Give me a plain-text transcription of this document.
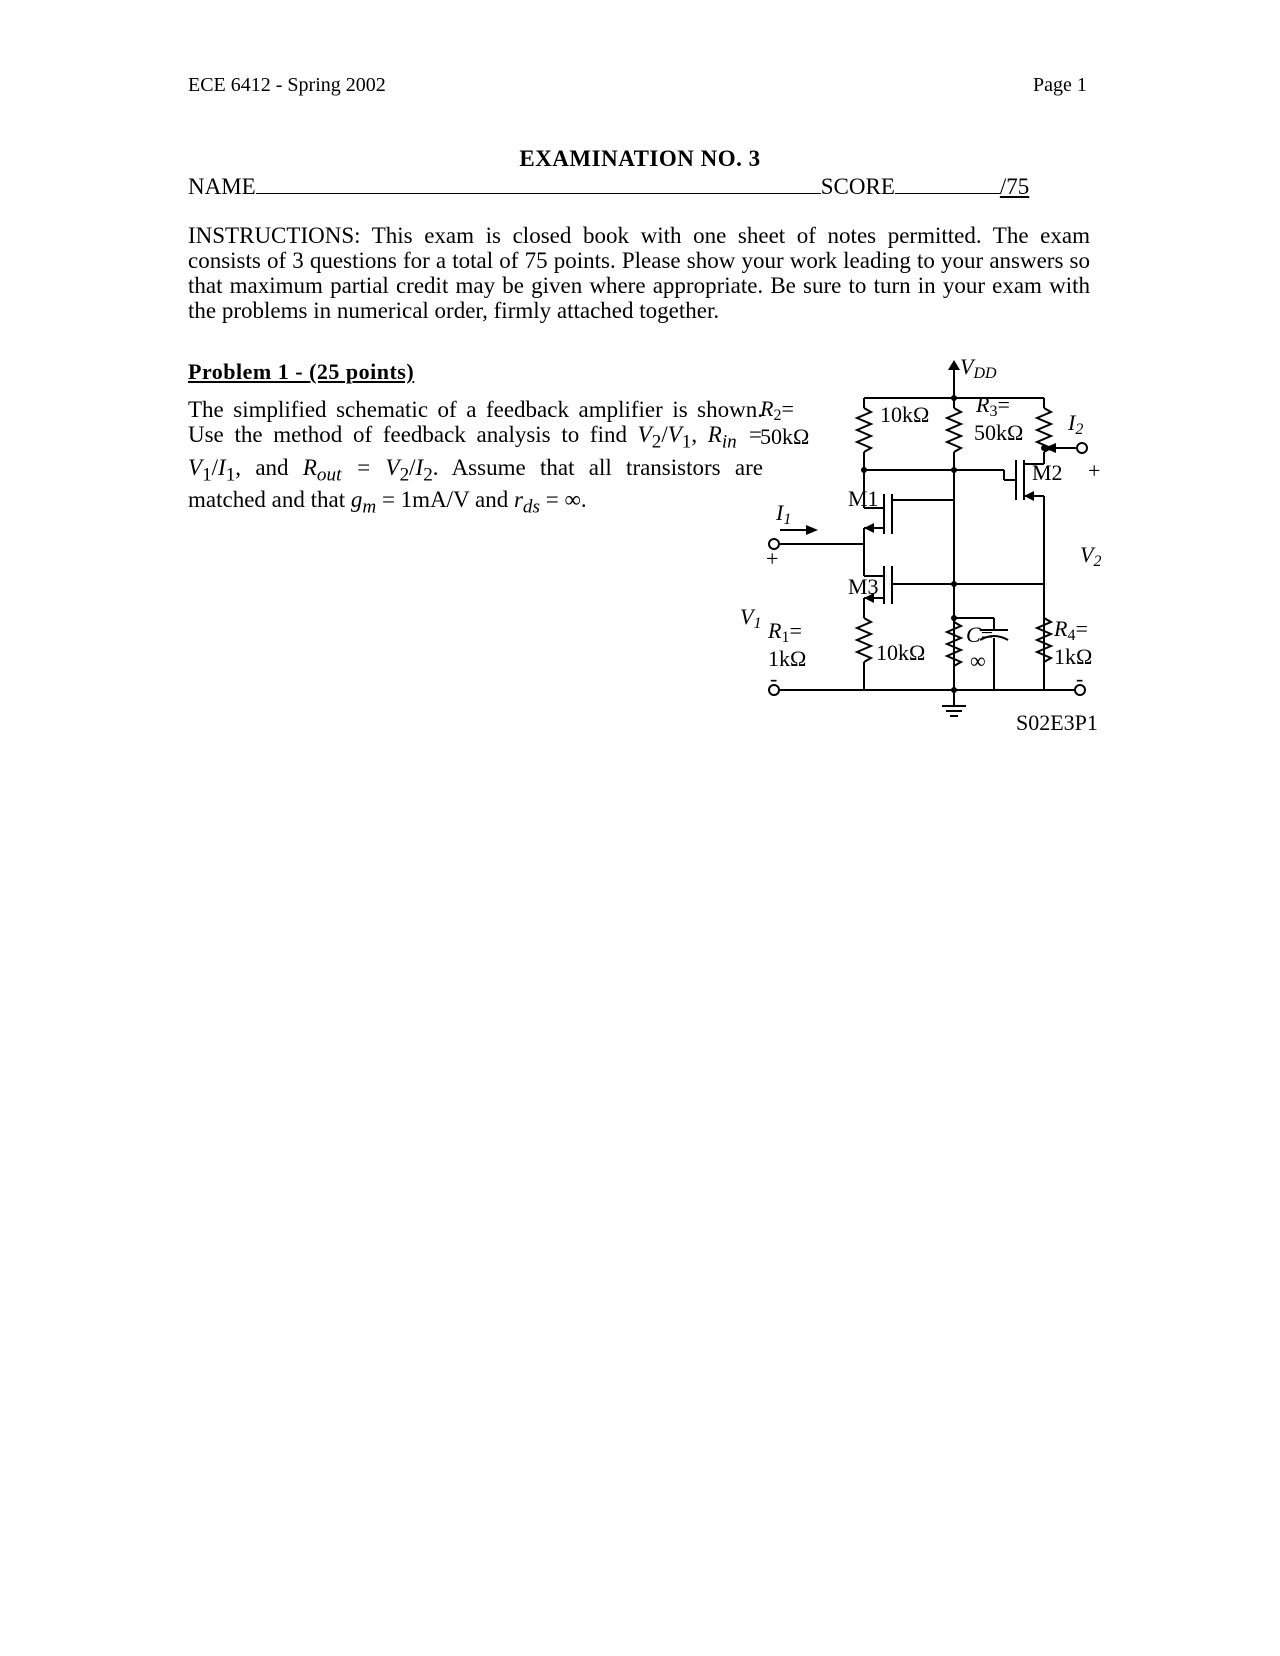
ECE 6412 - Spring 2002	Page 1
EXAMINATION NO. 3
NAME	SCORE	/75
INSTRUCTIONS: This exam is closed book with one sheet of notes permitted. The exam consists of 3 questions for a total of 75 points. Please show your work leading to your answers so that maximum partial credit may be given where appropriate. Be sure to turn in your exam with the problems in numerical order, firmly attached together.
Problem 1 - (25 points)
The simplified schematic of a feedback amplifier is shown. Use the method of feedback analysis to find $V_2/V_1$, $R_{in} = V_1/I_1$, and $R_{out} = V_2/I_2$. Assume that all transistors are matched and that $g_m = 1mA/V$ and $r_{ds}$ = ∞.
VDD
R2=
50kΩ
10kΩ R3=
50kΩ I2
M2 +
M1
I1
+	V2
M3
V1 R1=
1kΩ	10kΩ
C=
∞
R4=
1kΩ
-	-
S02E3P1
